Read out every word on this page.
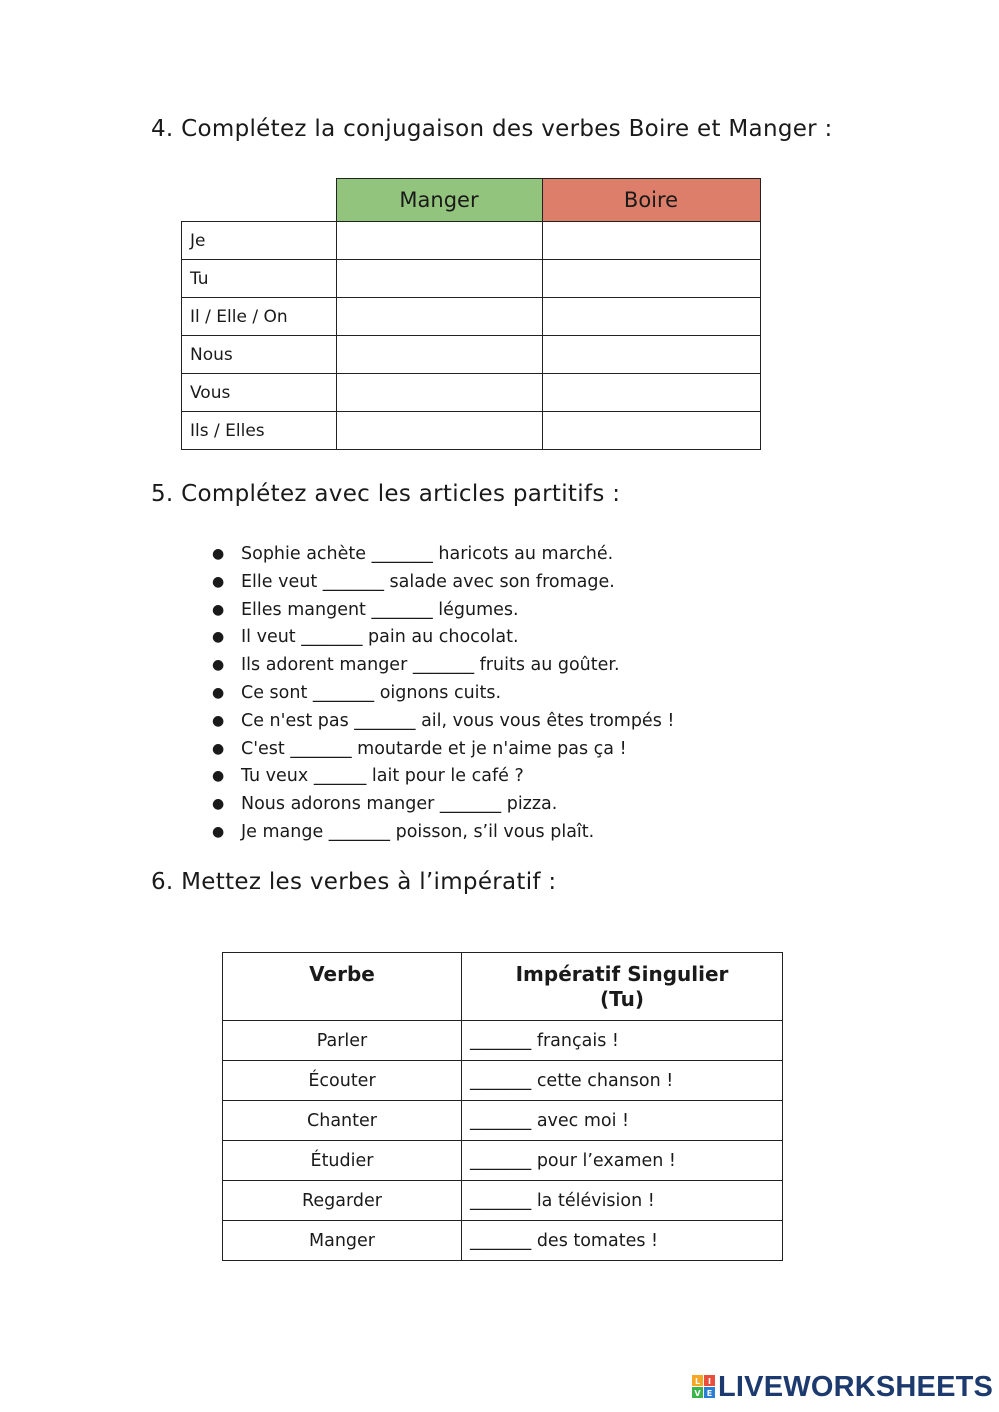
4. Complétez la conjugaison des verbes Boire et Manger :
	Manger	Boire
Je		
Tu		
Il / Elle / On		
Nous		
Vous		
Ils / Elles		
5. Complétez avec les articles partitifs :
● Sophie achète _______ haricots au marché.
● Elle veut _______ salade avec son fromage.
● Elles mangent _______ légumes.
● Il veut _______ pain au chocolat.
● Ils adorent manger _______ fruits au goûter.
● Ce sont _______ oignons cuits.
● Ce n'est pas _______ ail, vous vous êtes trompés !
● C'est _______ moutarde et je n'aime pas ça !
● Tu veux ______ lait pour le café ?
● Nous adorons manger _______ pizza.
● Je mange _______ poisson, s’il vous plaît.
6. Mettez les verbes à l’impératif :
Verbe	Impératif Singulier
(Tu)

Parler	_______ français !
Écouter	_______ cette chanson !
Chanter	_______ avec moi !
Étudier	_______ pour l’examen !
Regarder	_______ la télévision !
Manger	_______ des tomates !
L I
V E LIVEWORKSHEETS
